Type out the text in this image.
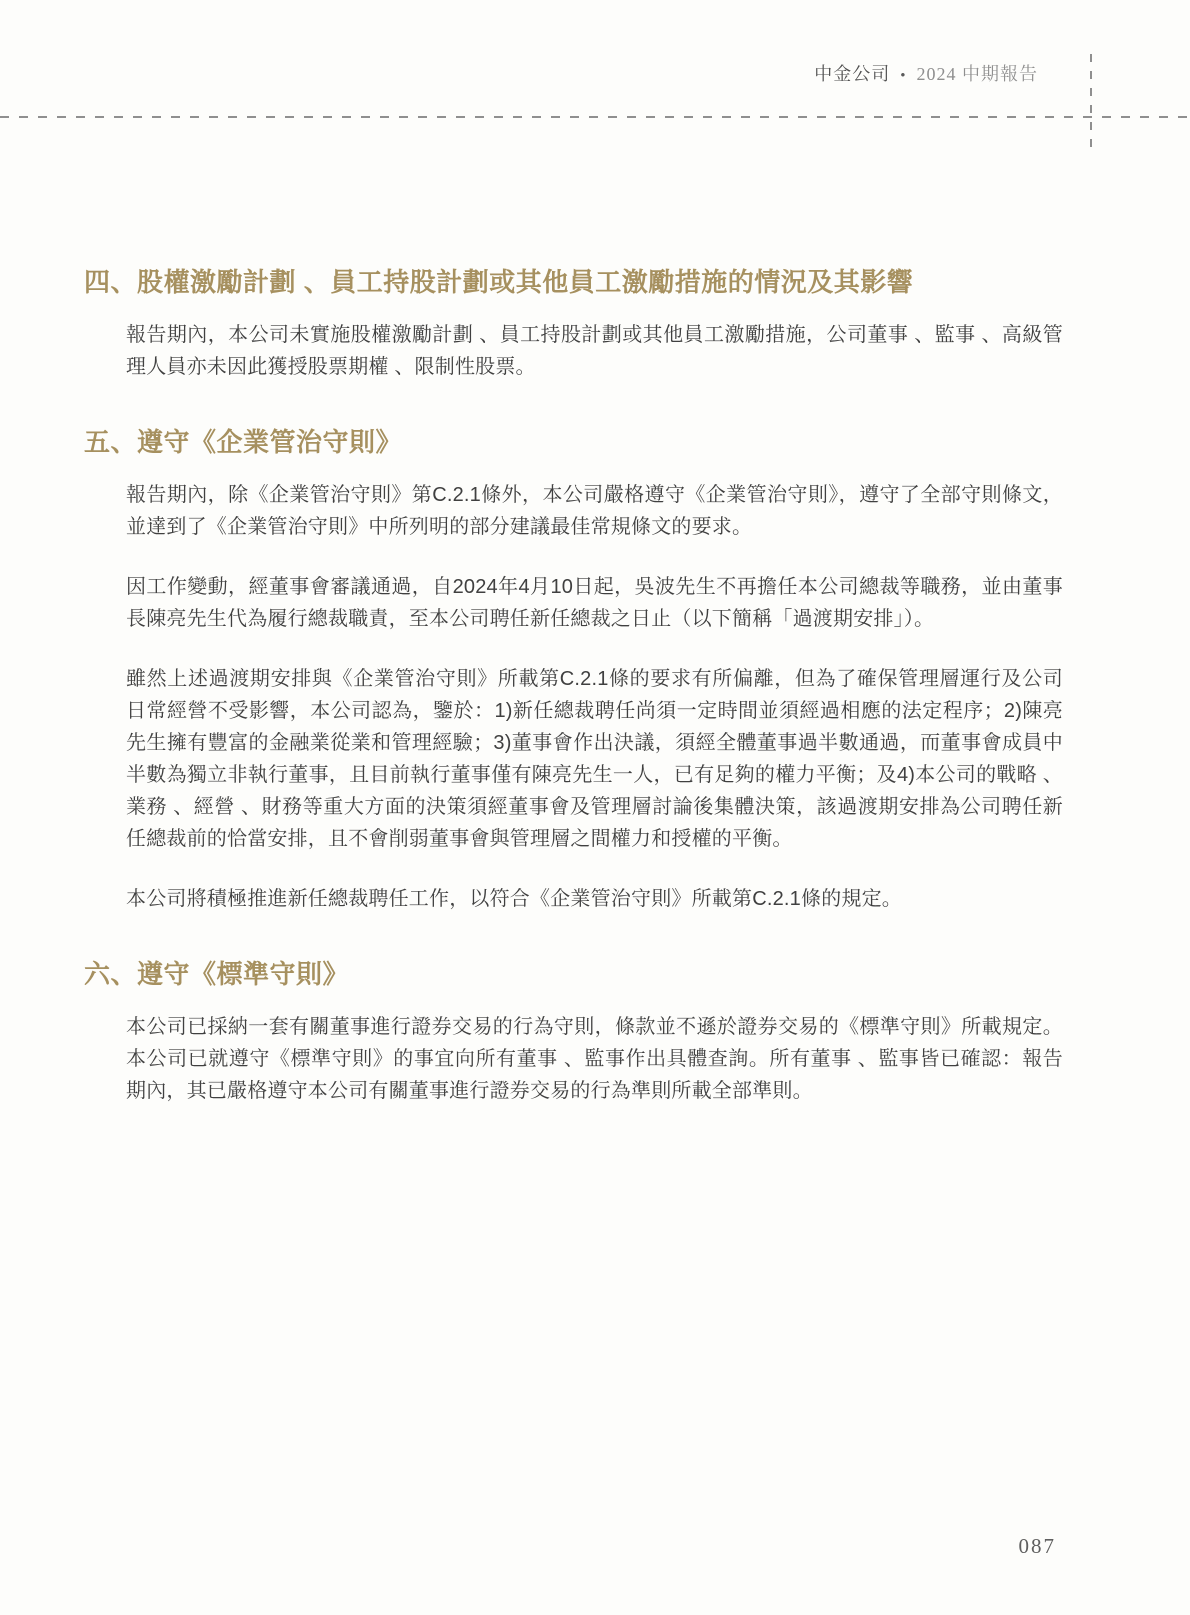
中金公司 • 2024 中期報告
四、股權激勵計劃 、員工持股計劃或其他員工激勵措施的情況及其影響

報告期內，本公司未實施股權激勵計劃 、員工持股計劃或其他員工激勵措施，公司董事 、監事 、高級管理人員亦未因此獲授股票期權 、限制性股票。

五、遵守《企業管治守則》

報告期內，除《企業管治守則》第C.2.1條外，本公司嚴格遵守《企業管治守則》，遵守了全部守則條文，並達到了《企業管治守則》中所列明的部分建議最佳常規條文的要求。

因工作變動，經董事會審議通過，自2024年4月10日起，吳波先生不再擔任本公司總裁等職務，並由董事長陳亮先生代為履行總裁職責，至本公司聘任新任總裁之日止（以下簡稱「過渡期安排」）。

雖然上述過渡期安排與《企業管治守則》所載第C.2.1條的要求有所偏離，但為了確保管理層運行及公司日常經營不受影響，本公司認為，鑒於：1)新任總裁聘任尚須一定時間並須經過相應的法定程序；2)陳亮先生擁有豐富的金融業從業和管理經驗；3)董事會作出決議，須經全體董事過半數通過，而董事會成員中半數為獨立非執行董事，且目前執行董事僅有陳亮先生一人，已有足夠的權力平衡；及4)本公司的戰略 、業務 、經營 、財務等重大方面的決策須經董事會及管理層討論後集體決策，該過渡期安排為公司聘任新任總裁前的恰當安排，且不會削弱董事會與管理層之間權力和授權的平衡。

本公司將積極推進新任總裁聘任工作，以符合《企業管治守則》所載第C.2.1條的規定。

六、遵守《標準守則》

本公司已採納一套有關董事進行證券交易的行為守則，條款並不遜於證券交易的《標準守則》所載規定。本公司已就遵守《標準守則》的事宜向所有董事 、監事作出具體查詢。所有董事 、監事皆已確認：報告期內，其已嚴格遵守本公司有關董事進行證券交易的行為準則所載全部準則。

087
